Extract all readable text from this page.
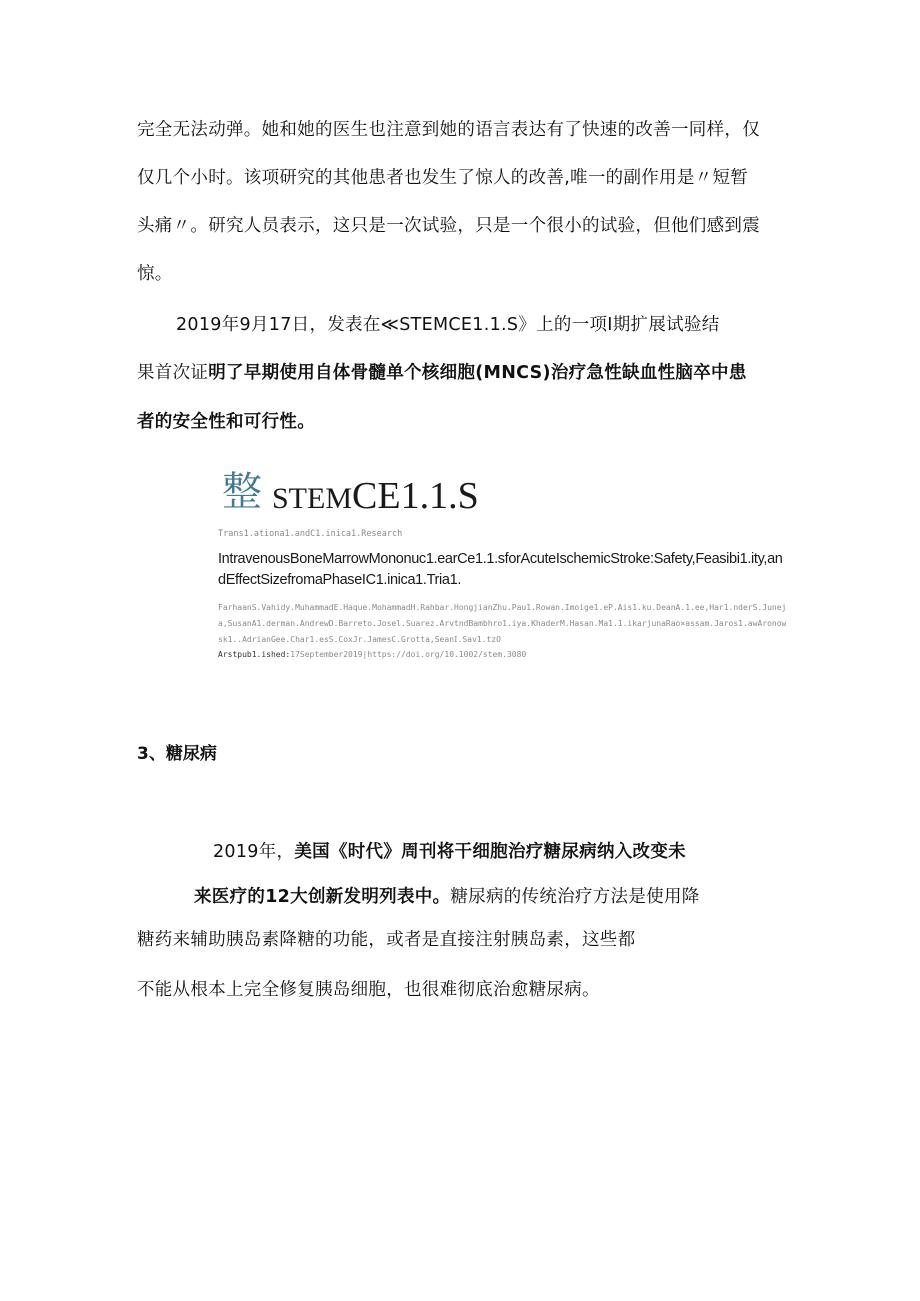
完全无法动弹。她和她的医生也注意到她的语言表达有了快速的改善一同样，仅
仅几个小时。该项研究的其他患者也发生了惊人的改善,唯一的副作用是〃短暂
头痛〃。研究人员表示，这只是一次试验，只是一个很小的试验，但他们感到震
惊。
2019年9月17日，发表在≪STEMCE1.1.S》上的一项I期扩展试验结
果首次证明了早期使用自体骨髓单个核细胞(MNCS)治疗急性缺血性脑卒中患
者的安全性和可行性。
整 STEMCE1.1.S
Trans1.ationa1.andC1.inica1.Research
IntravenousBoneMarrowMononuc1.earCe1.1.sforAcuteIschemicStroke:Safety,Feasibi1.ity,andEffectSizefromaPhaseIC1.inica1.Tria1.
FarhaanS.Vahidy.MuhammadE.Haque.MohammadH.Rahbar.HongjianZhu.Pau1.Rowan.Imoige1.eP.Ais1.ku.DeanA.1.ee,Har1.nderS.Juneja,SusanA1.derman.AndrewD.Barreto.Josel.Suarez.ArvtndBambhro1.iya.KhaderM.Hasan.Ma1.1.ikarjunaRao×assam.Jaros1.awAronowsk1..AdrianGee.Char1.esS.CoxJr.JamesC.Grotta,Sean𝖨.Sav1.tzO
Arstpub1.ished:17September2019|https://doi.org/10.1002/stem.3080
3、糖尿病
2019年，美国《时代》周刊将干细胞治疗糖尿病纳入改变未
来医疗的12大创新发明列表中。糖尿病的传统治疗方法是使用降
糖药来辅助胰岛素降糖的功能，或者是直接注射胰岛素，这些都
不能从根本上完全修复胰岛细胞，也很难彻底治愈糖尿病。
